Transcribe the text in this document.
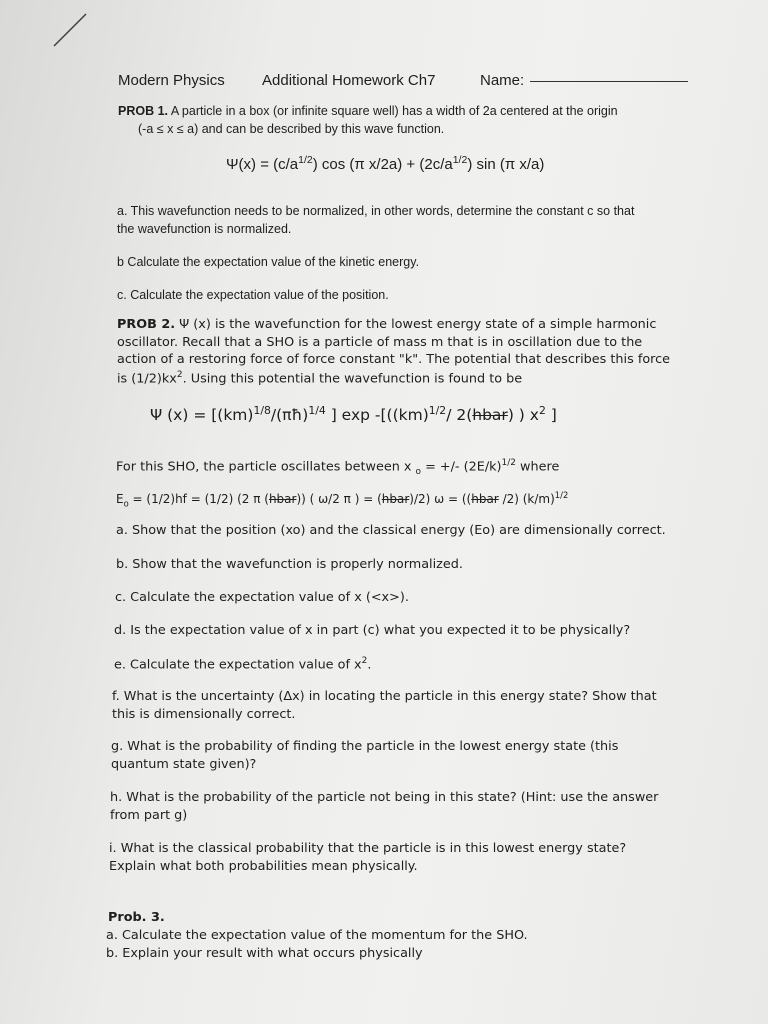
Modern Physics Additional Homework Ch7	Name:
PROB 1. A particle in a box (or infinite square well) has a width of 2a centered at the origin
(-a ≤ x ≤ a) and can be described by this wave function.
$\Psi(x) = (c/a^{1/2})$ cos (π $x/2a) + (2c/a^{1/2})$ sin (π x/a)
a. This wavefunction needs to be normalized, in other words, determine the constant c so that
the wavefunction is normalized.
b Calculate the expectation value of the kinetic energy.
c. Calculate the expectation value of the position.
PROB 2. Ψ (x) is the wavefunction for the lowest energy state of a simple harmonic
oscillator. Recall that a SHO is a particle of mass m that is in oscillation due to the
action of a restoring force of force constant "k". The potential that describes this force
is $(1/2)kx^2$. Using this potential the wavefunction is found to be
Ψ (x) = [(km)$^{1/8}$/(πħ)$^{1/4}$ ] exp -[((km)$^{1/2}$/ 2(hbar) ) $x^2$ ]
For this SHO, the particle oscillates between x $_o$ = +/- $(2E/k)^{1/2}$ where
$E_o = (1/2)hf = (1/2)$ (2 π (hbar)) ( ω/2 π ) = (hbar)/2) ω = ((hbar /2) $(k/m)^{1/2}$
a. Show that the position (xo) and the classical energy (Eo) are dimensionally correct.
b. Show that the wavefunction is properly normalized.
c. Calculate the expectation value of x (<x>).
d. Is the expectation value of x in part (c) what you expected it to be physically?
e. Calculate the expectation value of $x^2$.
f. What is the uncertainty (Δx) in locating the particle in this energy state? Show that
this is dimensionally correct.
g. What is the probability of finding the particle in the lowest energy state (this
quantum state given)?
h. What is the probability of the particle not being in this state? (Hint: use the answer
from part g)
i. What is the classical probability that the particle is in this lowest energy state?
Explain what both probabilities mean physically.
Prob. 3.
a. Calculate the expectation value of the momentum for the SHO.
b. Explain your result with what occurs physically
